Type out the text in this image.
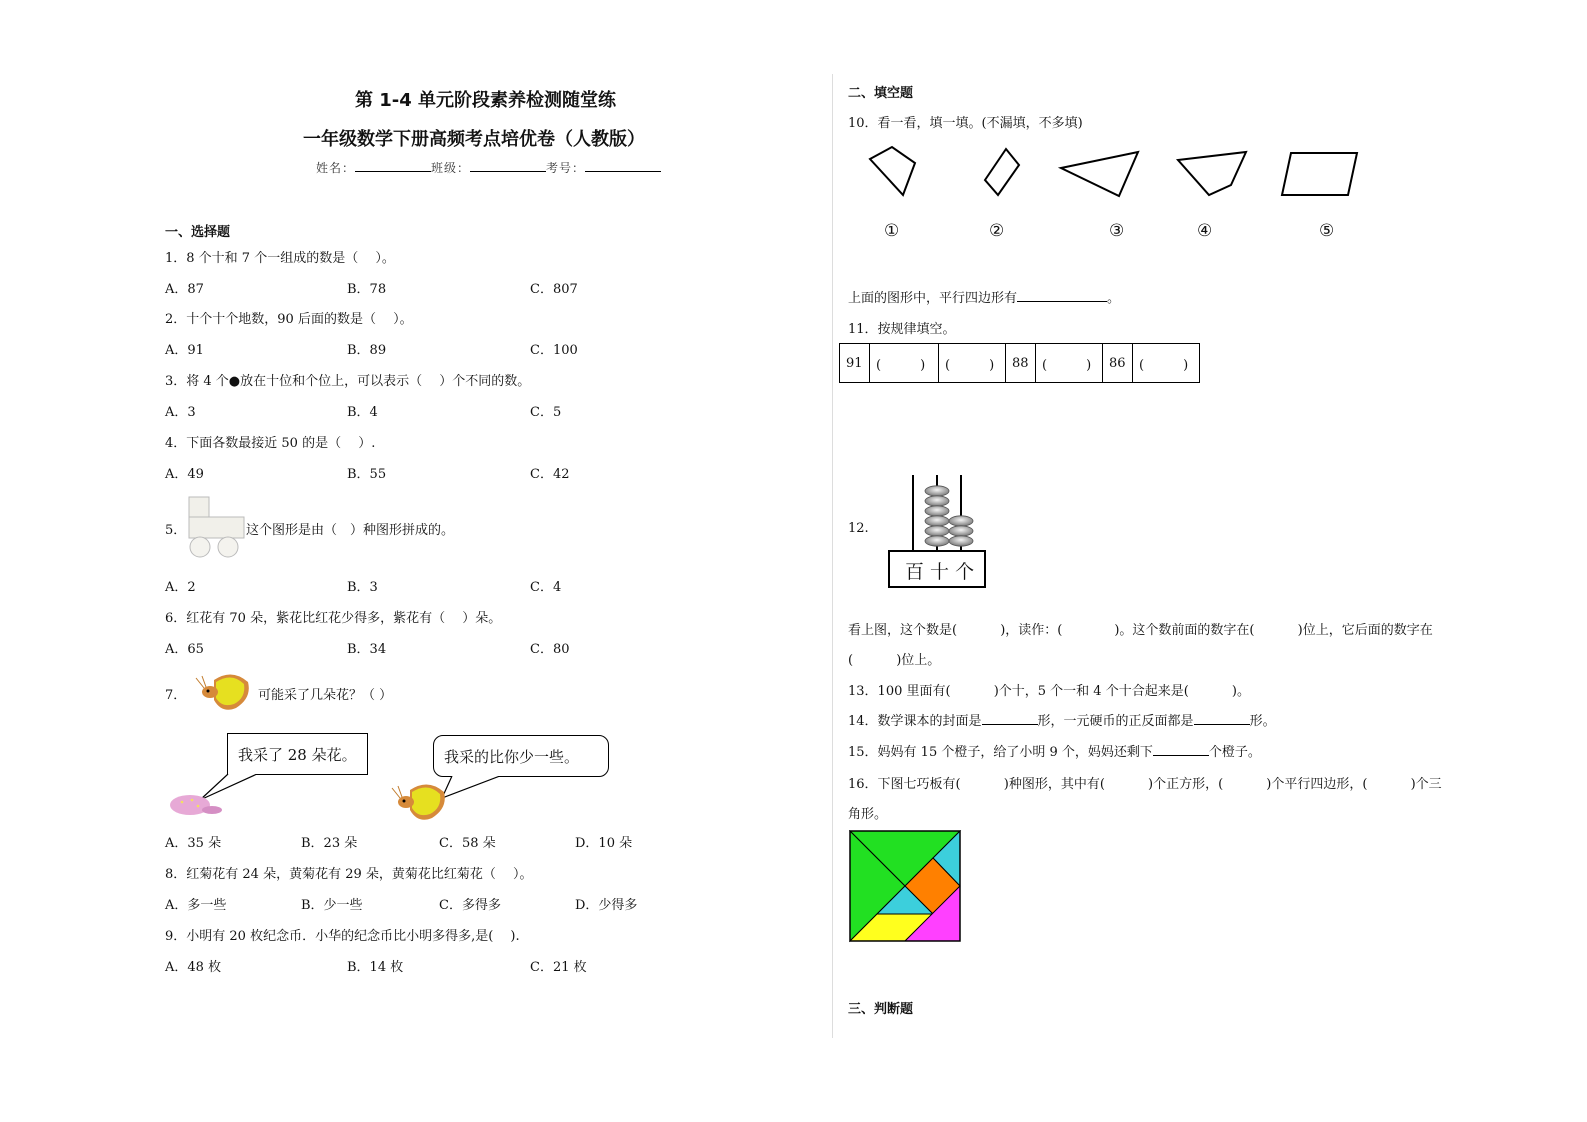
第 1-4 单元阶段素养检测随堂练
一年级数学下册高频考点培优卷（人教版）
姓名：	班级：	考号：
一、选择题
1．8 个十和 7 个一组成的数是（　 ）。
A．87	B．78	C．807
2．十个十个地数，90 后面的数是（　 ）。
A．91	B．89	C．100
3．将 4 个●放在十位和个位上，可以表示（　 ）个不同的数。
A．3	B．4	C．5
4．下面各数最接近 50 的是（　 ）.
A．49	B．55	C．42
5．	这个图形是由（　）种图形拼成的。
A．2	B．3	C．4
6．红花有 70 朵，紫花比红花少得多，紫花有（　 ）朵。
A．65	B．34	C．80
7．	可能采了几朵花？（ ）
我采了 28 朵花。	我采的比你少一些。
A．35 朵	B．23 朵	C．58 朵	D．10 朵
8．红菊花有 24 朵，黄菊花有 29 朵，黄菊花比红菊花（　 ）。
A．多一些	B．少一些	C．多得多	D．少得多
9．小明有 20 枚纪念币．小华的纪念币比小明多得多,是(　 ).
A．48 枚	B．14 枚	C．21 枚
二、填空题
10．看一看，填一填。(不漏填，不多填)
①	②	③	④	⑤
上面的图形中，平行四边形有	。
11．按规律填空。
91	(　　　)	(　　　)	88	(　　　)	86	(　　　)
12.
百 十 个
看上图，这个数是(　　　 )，读作：(　　　　)。这个数前面的数字在(　　　 )位上，它后面的数字在
(　　　 )位上。
13．100 里面有(　　　 )个十，5 个一和 4 个十合起来是(　　　 )。
14．数学课本的封面是	形，一元硬币的正反面都是	形。
15．妈妈有 15 个橙子，给了小明 9 个，妈妈还剩下	个橙子。
16．下图七巧板有(　　　 )种图形，其中有(　　　 )个正方形，(　　　 )个平行四边形，(　　　 )个三
角形。
三、判断题
